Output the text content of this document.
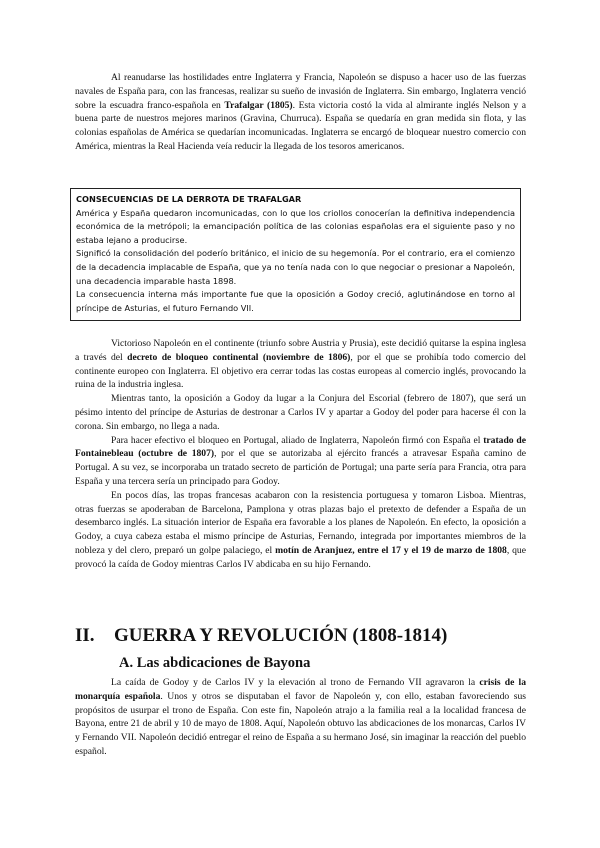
Al reanudarse las hostilidades entre Inglaterra y Francia, Napoleón se dispuso a hacer uso de las fuerzas navales de España para, con las francesas, realizar su sueño de invasión de Inglaterra. Sin embargo, Inglaterra venció sobre la escuadra franco-española en Trafalgar (1805). Esta victoria costó la vida al almirante inglés Nelson y a buena parte de nuestros mejores marinos (Gravina, Churruca). España se quedaría en gran medida sin flota, y las colonias españolas de América se quedarían incomunicadas. Inglaterra se encargó de bloquear nuestro comercio con América, mientras la Real Hacienda veía reducir la llegada de los tesoros americanos.

CONSECUENCIAS DE LA DERROTA DE TRAFALGAR

América y España quedaron incomunicadas, con lo que los criollos conocerían la definitiva independencia económica de la metrópoli; la emancipación política de las colonias españolas era el siguiente paso y no estaba lejano a producirse.

Significó la consolidación del poderío británico, el inicio de su hegemonía. Por el contrario, era el comienzo de la decadencia implacable de España, que ya no tenía nada con lo que negociar o presionar a Napoleón, una decadencia imparable hasta 1898.

La consecuencia interna más importante fue que la oposición a Godoy creció, aglutinándose en torno al príncipe de Asturias, el futuro Fernando VII.

Victorioso Napoleón en el continente (triunfo sobre Austria y Prusia), este decidió quitarse la espina inglesa a través del decreto de bloqueo continental (noviembre de 1806), por el que se prohibía todo comercio del continente europeo con Inglaterra. El objetivo era cerrar todas las costas europeas al comercio inglés, provocando la ruina de la industria inglesa.

Mientras tanto, la oposición a Godoy da lugar a la Conjura del Escorial (febrero de 1807), que será un pésimo intento del príncipe de Asturias de destronar a Carlos IV y apartar a Godoy del poder para hacerse él con la corona. Sin embargo, no llega a nada.

Para hacer efectivo el bloqueo en Portugal, aliado de Inglaterra, Napoleón firmó con España el tratado de Fontainebleau (octubre de 1807), por el que se autorizaba al ejército francés a atravesar España camino de Portugal. A su vez, se incorporaba un tratado secreto de partición de Portugal; una parte sería para Francia, otra para España y una tercera sería un principado para Godoy.

En pocos días, las tropas francesas acabaron con la resistencia portuguesa y tomaron Lisboa. Mientras, otras fuerzas se apoderaban de Barcelona, Pamplona y otras plazas bajo el pretexto de defender a España de un desembarco inglés. La situación interior de España era favorable a los planes de Napoleón. En efecto, la oposición a Godoy, a cuya cabeza estaba el mismo príncipe de Asturias, Fernando, integrada por importantes miembros de la nobleza y del clero, preparó un golpe palaciego, el motín de Aranjuez, entre el 17 y el 19 de marzo de 1808, que provocó la caída de Godoy mientras Carlos IV abdicaba en su hijo Fernando.

II. GUERRA Y REVOLUCIÓN (1808-1814)
A. Las abdicaciones de Bayona

La caída de Godoy y de Carlos IV y la elevación al trono de Fernando VII agravaron la crisis de la monarquía española. Unos y otros se disputaban el favor de Napoleón y, con ello, estaban favoreciendo sus propósitos de usurpar el trono de España. Con este fin, Napoleón atrajo a la familia real a la localidad francesa de Bayona, entre 21 de abril y 10 de mayo de 1808. Aquí, Napoleón obtuvo las abdicaciones de los monarcas, Carlos IV y Fernando VII. Napoleón decidió entregar el reino de España a su hermano José, sin imaginar la reacción del pueblo español.
